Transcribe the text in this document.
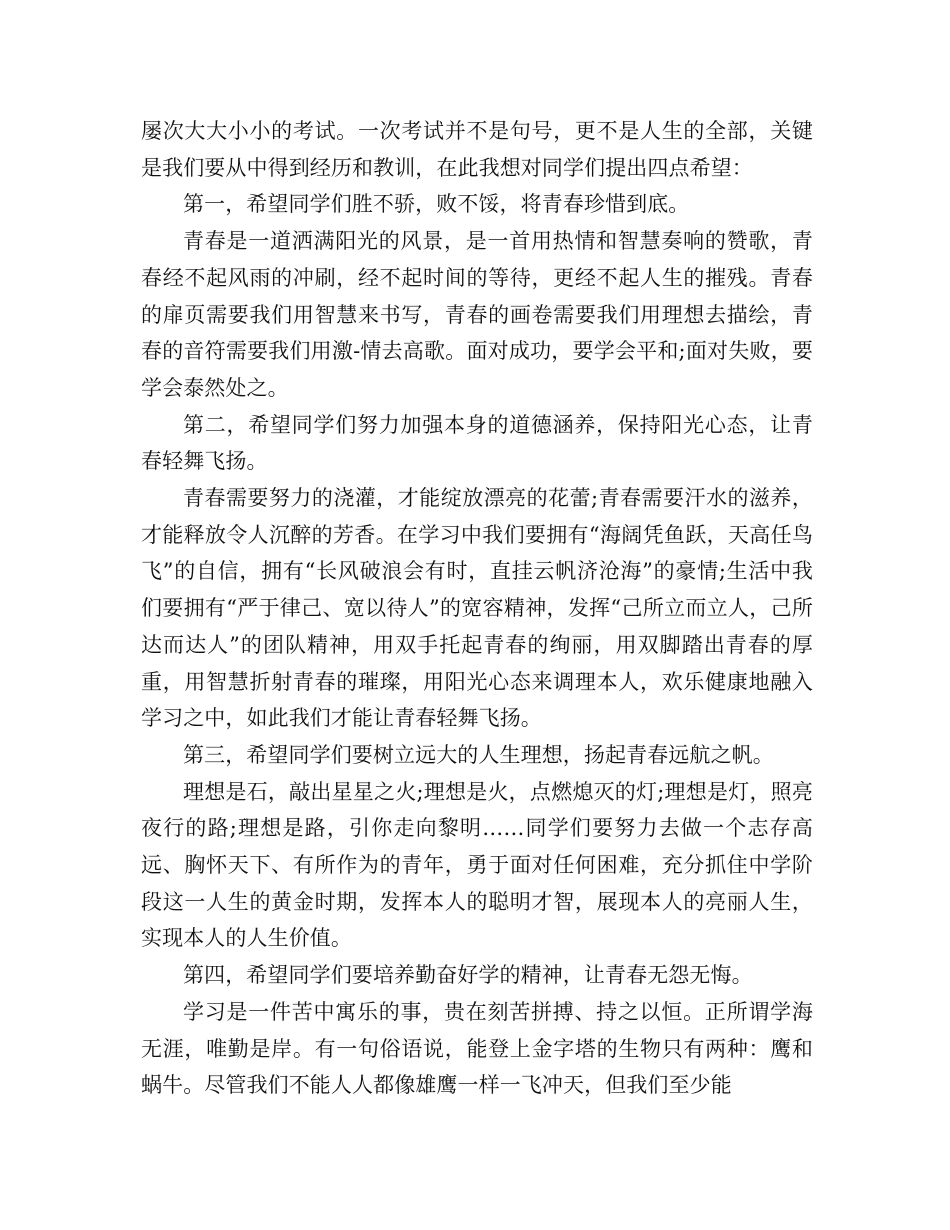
屡次大大小小的考试。一次考试并不是句号，更不是人生的全部，关键是我们要从中得到经历和教训，在此我想对同学们提出四点希望：

第一，希望同学们胜不骄，败不馁，将青春珍惜到底。

青春是一道洒满阳光的风景，是一首用热情和智慧奏响的赞歌，青春经不起风雨的冲刷，经不起时间的等待，更经不起人生的摧残。青春的扉页需要我们用智慧来书写，青春的画卷需要我们用理想去描绘，青春的音符需要我们用激-情去高歌。面对成功，要学会平和;面对失败，要学会泰然处之。

第二，希望同学们努力加强本身的道德涵养，保持阳光心态，让青春轻舞飞扬。

青春需要努力的浇灌，才能绽放漂亮的花蕾;青春需要汗水的滋养，才能释放令人沉醉的芳香。在学习中我们要拥有“海阔凭鱼跃，天高任鸟飞”的自信，拥有“长风破浪会有时，直挂云帆济沧海”的豪情;生活中我们要拥有“严于律己、宽以待人”的宽容精神，发挥“己所立而立人，己所达而达人”的团队精神，用双手托起青春的绚丽，用双脚踏出青春的厚重，用智慧折射青春的璀璨，用阳光心态来调理本人，欢乐健康地融入学习之中，如此我们才能让青春轻舞飞扬。

第三，希望同学们要树立远大的人生理想，扬起青春远航之帆。

理想是石，敲出星星之火;理想是火，点燃熄灭的灯;理想是灯，照亮夜行的路;理想是路，引你走向黎明……同学们要努力去做一个志存高远、胸怀天下、有所作为的青年，勇于面对任何困难，充分抓住中学阶段这一人生的黄金时期，发挥本人的聪明才智，展现本人的亮丽人生，实现本人的人生价值。

第四，希望同学们要培养勤奋好学的精神，让青春无怨无悔。

学习是一件苦中寓乐的事，贵在刻苦拼搏、持之以恒。正所谓学海无涯，唯勤是岸。有一句俗语说，能登上金字塔的生物只有两种：鹰和蜗牛。尽管我们不能人人都像雄鹰一样一飞冲天，但我们至少能
